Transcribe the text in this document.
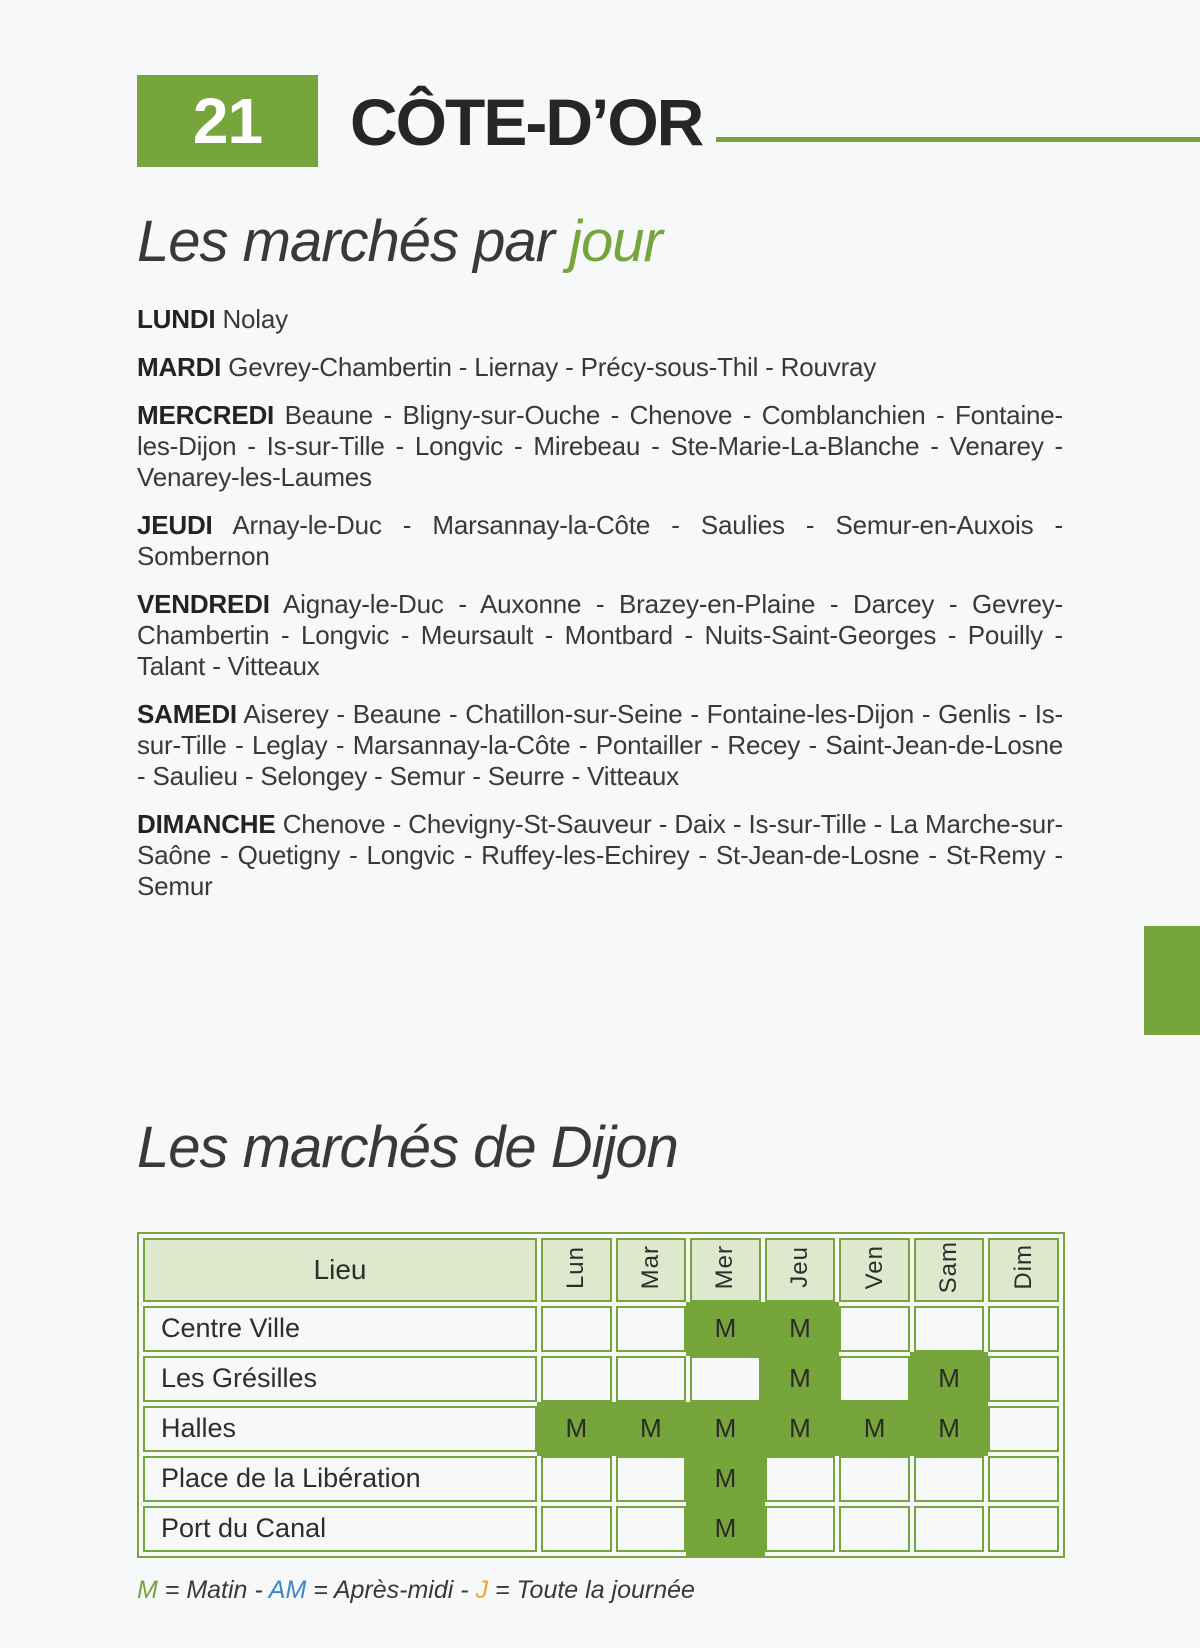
21	CÔTE-D’OR
Les marchés par jour

LUNDI Nolay

MARDI Gevrey-Chambertin - Liernay - Précy-sous-Thil - Rouvray

MERCREDI Beaune - Bligny-sur-Ouche - Chenove - Comblanchien - Fontaine-les-Dijon - Is-sur-Tille - Longvic - Mirebeau - Ste-Marie-La-Blanche - Venarey - Venarey-les-Laumes

JEUDI Arnay-le-Duc - Marsannay-la-Côte - Saulies - Semur-en-Auxois - Sombernon

VENDREDI Aignay-le-Duc - Auxonne - Brazey-en-Plaine - Darcey - Gevrey-Chambertin - Longvic - Meursault - Montbard - Nuits-Saint-Georges - Pouilly - Talant - Vitteaux

SAMEDI Aiserey - Beaune - Chatillon-sur-Seine - Fontaine-les-Dijon - Genlis - Is-sur-Tille - Leglay - Marsannay-la-Côte - Pontailler - Recey - Saint-Jean-de-Losne - Saulieu - Selongey - Semur - Seurre - Vitteaux

DIMANCHE Chenove - Chevigny-St-Sauveur - Daix - Is-sur-Tille - La Marche-sur-Saône - Quetigny - Longvic - Ruffey-les-Echirey - St-Jean-de-Losne - St-Remy - Semur

Les marchés de Dijon
Lieu	Lun	Mar	Mer	Jeu	Ven	Sam	Dim
Centre Ville			M	M			
Les Grésilles				M		M	
Halles	M	M	M	M	M	M	
Place de la Libération			M				
Port du Canal			M				

M = Matin - AM = Après-midi - J = Toute la journée
